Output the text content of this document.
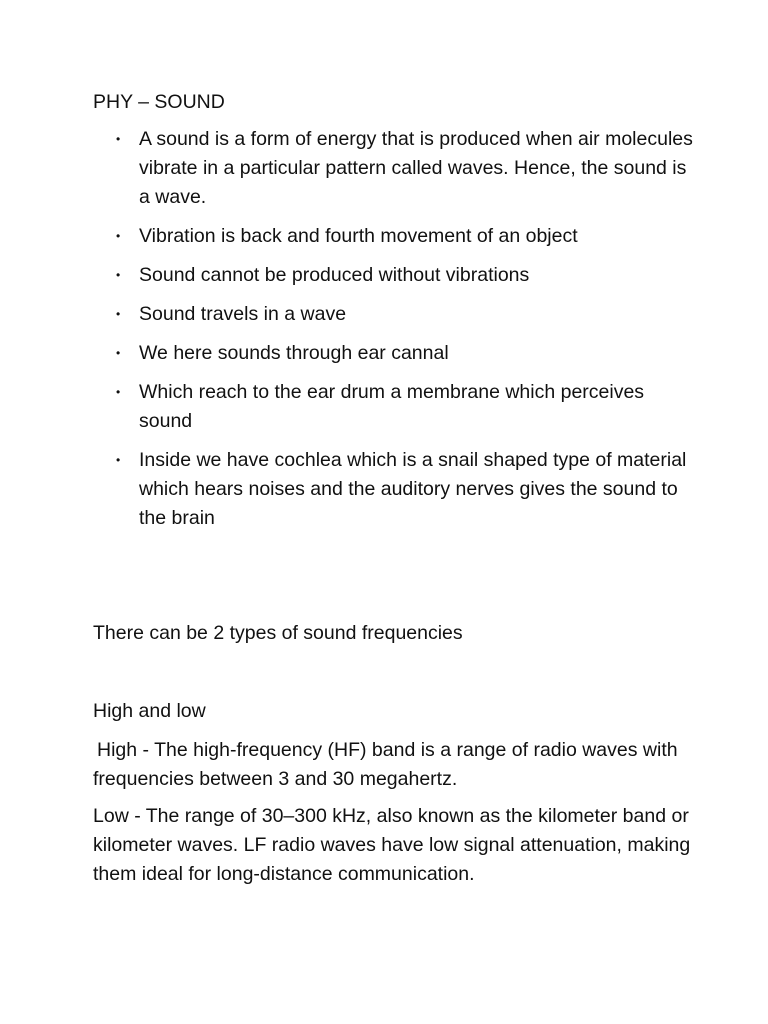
PHY – SOUND

• A sound is a form of energy that is produced when air molecules vibrate in a particular pattern called waves. Hence, the sound is a wave.
• Vibration is back and fourth movement of an object
• Sound cannot be produced without vibrations
• Sound travels in a wave
• We here sounds through ear cannal
• Which reach to the ear drum a membrane which perceives sound
• Inside we have cochlea which is a snail shaped type of material which hears noises and the auditory nerves gives the sound to the brain

There can be 2 types of sound frequencies

High and low

High - The high-frequency (HF) band is a range of radio waves with frequencies between 3 and 30 megahertz.

Low - The range of 30–300 kHz, also known as the kilometer band or kilometer waves. LF radio waves have low signal attenuation, making them ideal for long-distance communication.
